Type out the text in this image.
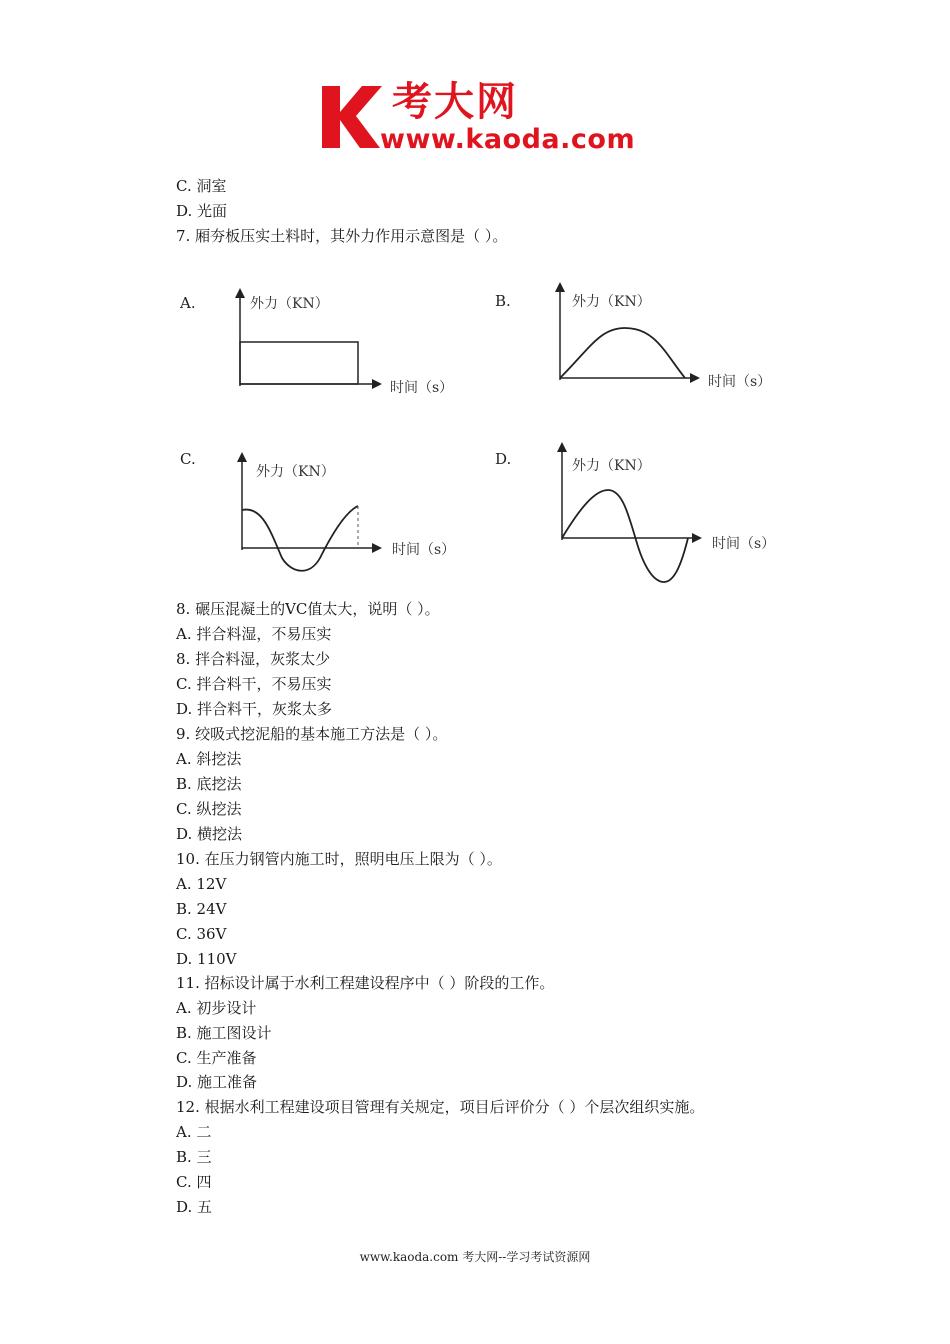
考大网
www.kaoda.com
C. 洞室
D. 光面
7. 厢夯板压实土料时，其外力作用示意图是（ ）。
A.	外力（KN）
时间（s）
B.	外力（KN）
时间（s）
C.
外力（KN）
时间（s）
D.	外力（KN）
时间（s）
8. 碾压混凝土的VC值太大，说明（ ）。
A. 拌合料湿，不易压实
8. 拌合料湿，灰浆太少
C. 拌合料干，不易压实
D. 拌合料干，灰浆太多
9. 绞吸式挖泥船的基本施工方法是（ ）。
A. 斜挖法
B. 底挖法
C. 纵挖法
D. 横挖法
10. 在压力钢管内施工时，照明电压上限为（ ）。
A. 12V
B. 24V
C. 36V
D. 110V
11. 招标设计属于水利工程建设程序中（ ）阶段的工作。
A. 初步设计
B. 施工图设计
C. 生产准备
D. 施工准备
12. 根据水利工程建设项目管理有关规定，项目后评价分（ ）个层次组织实施。
A. 二
B. 三
C. 四
D. 五
www.kaoda.com 考大网--学习考试资源网
